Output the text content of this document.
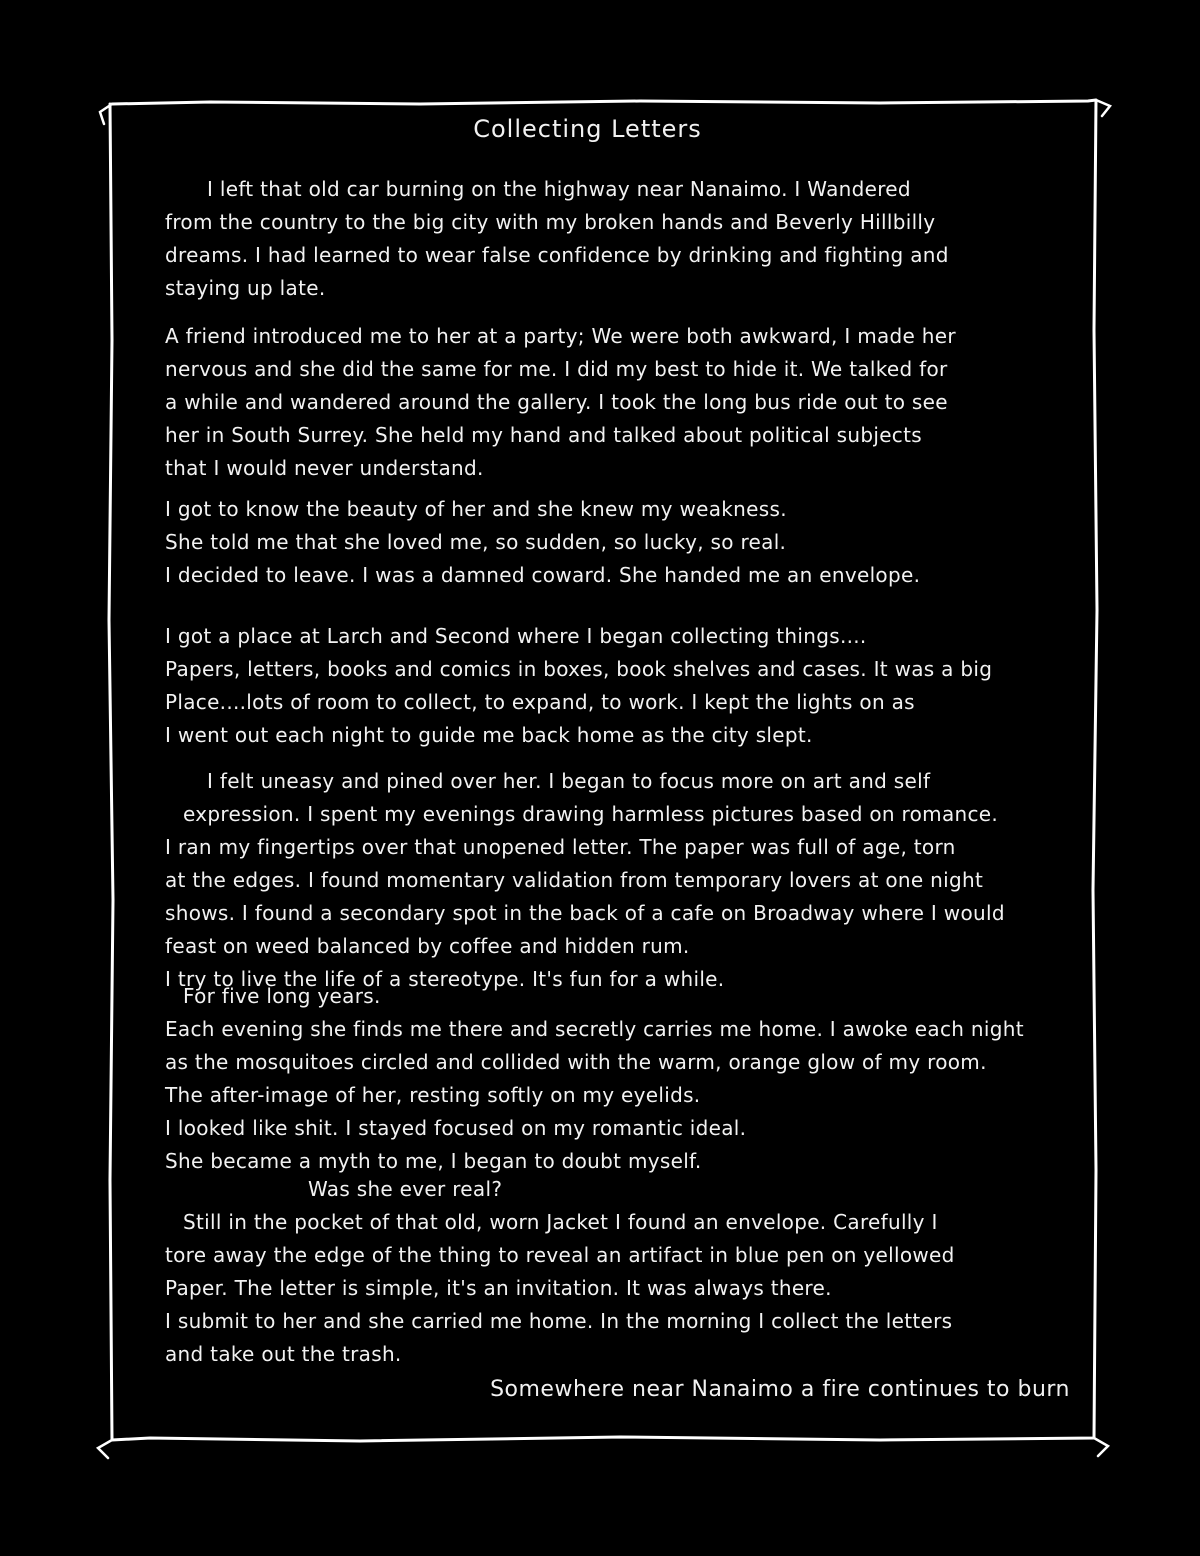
Collecting Letters
I left that old car burning on the highway near Nanaimo. I Wandered
from the country to the big city with my broken hands and Beverly Hillbilly
dreams. I had learned to wear false confidence by drinking and fighting and
staying up late.
A friend introduced me to her at a party; We were both awkward, I made her
nervous and she did the same for me. I did my best to hide it. We talked for
a while and wandered around the gallery. I took the long bus ride out to see
her in South Surrey. She held my hand and talked about political subjects
that I would never understand.
I got to know the beauty of her and she knew my weakness.
She told me that she loved me, so sudden, so lucky, so real.
I decided to leave. I was a damned coward. She handed me an envelope.
I got a place at Larch and Second where I began collecting things....
Papers, letters, books and comics in boxes, book shelves and cases. It was a big
Place....lots of room to collect, to expand, to work. I kept the lights on as
I went out each night to guide me back home as the city slept.
I felt uneasy and pined over her. I began to focus more on art and self
expression. I spent my evenings drawing harmless pictures based on romance.
I ran my fingertips over that unopened letter. The paper was full of age, torn
at the edges. I found momentary validation from temporary lovers at one night
shows. I found a secondary spot in the back of a cafe on Broadway where I would
feast on weed balanced by coffee and hidden rum.
I try to live the life of a stereotype. It's fun for a while.
For five long years.
Each evening she finds me there and secretly carries me home. I awoke each night
as the mosquitoes circled and collided with the warm, orange glow of my room.
The after-image of her, resting softly on my eyelids.
I looked like shit. I stayed focused on my romantic ideal.
She became a myth to me, I began to doubt myself.
Was she ever real?
Still in the pocket of that old, worn Jacket I found an envelope. Carefully I
tore away the edge of the thing to reveal an artifact in blue pen on yellowed
Paper. The letter is simple, it's an invitation. It was always there.
I submit to her and she carried me home. In the morning I collect the letters
and take out the trash.
Somewhere near Nanaimo a fire continues to burn
